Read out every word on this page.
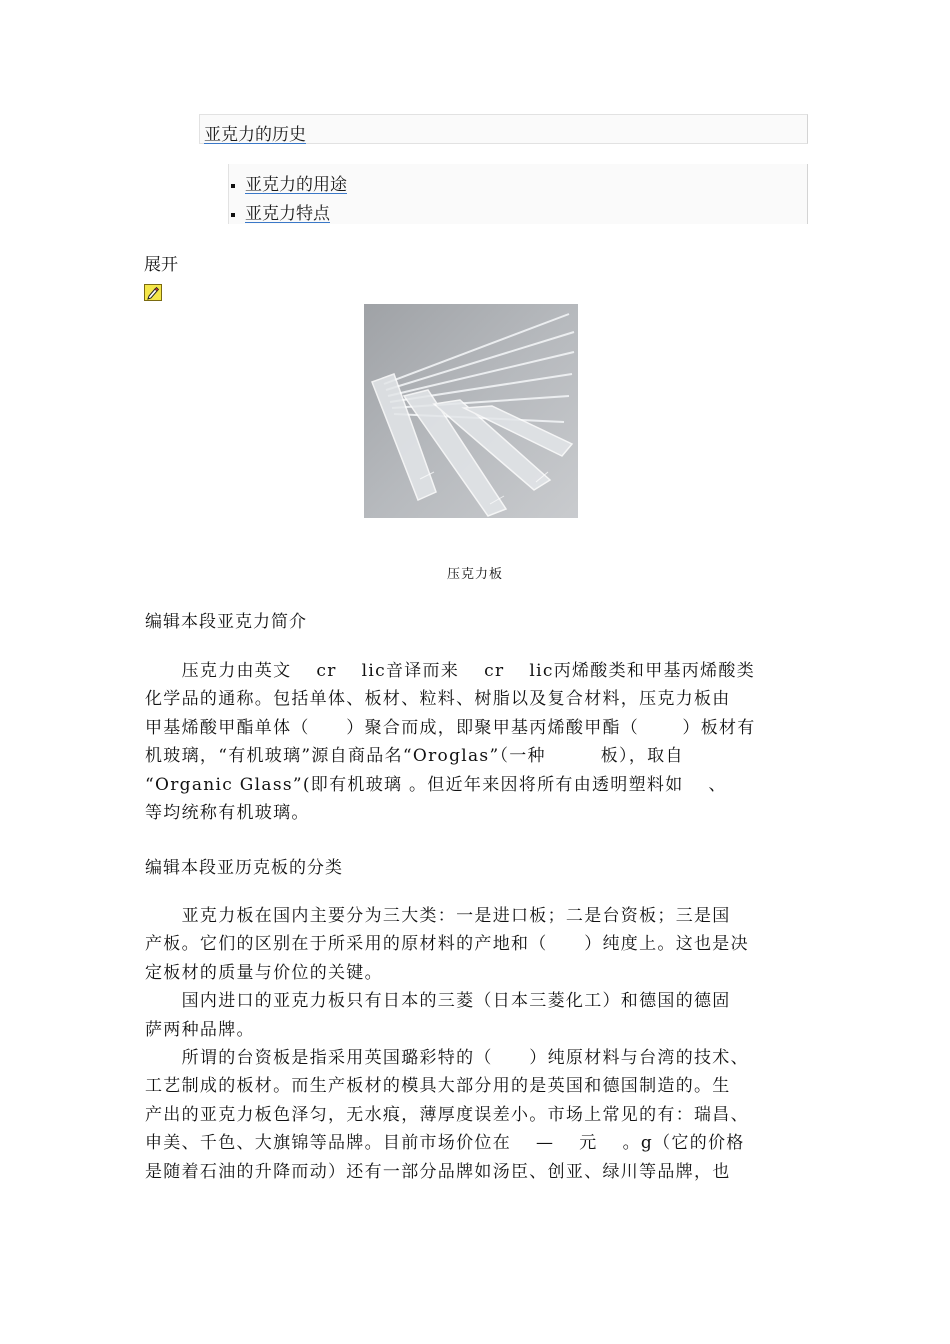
亚克力的历史
亚克力的用途
亚克力特点
展开
压克力板
编辑本段亚克力简介

　　压克力由英文　 cr 　lic音译而来　 cr 　lic丙烯酸类和甲基丙烯酸类
化学品的通称。包括单体、板材、粒料、树脂以及复合材料，压克力板由
甲基烯酸甲酯单体（　　）聚合而成，即聚甲基丙烯酸甲酯（　　 ）板材有
机玻璃，“有机玻璃”源自商品名“Oroglas”（一种　　　板），取自
“Organic Glass”(即有机玻璃 。但近年来因将所有由透明塑料如　 、
等均统称有机玻璃。

编辑本段亚历克板的分类

　　亚克力板在国内主要分为三大类：一是进口板；二是台资板；三是国
产板。它们的区别在于所采用的原材料的产地和（　　）纯度上。这也是决
定板材的质量与价位的关键。
　　国内进口的亚克力板只有日本的三菱（日本三菱化工）和德国的德固
萨两种品牌。
　　所谓的台资板是指采用英国璐彩特的（　　）纯原材料与台湾的技术、
工艺制成的板材。而生产板材的模具大部分用的是英国和德国制造的。生
产出的亚克力板色泽匀，无水痕，薄厚度误差小。市场上常见的有：瑞昌、
申美、千色、大旗锦等品牌。目前市场价位在　 —　 元　 。g（它的价格
是随着石油的升降而动）还有一部分品牌如汤臣、创亚、绿川等品牌，也
